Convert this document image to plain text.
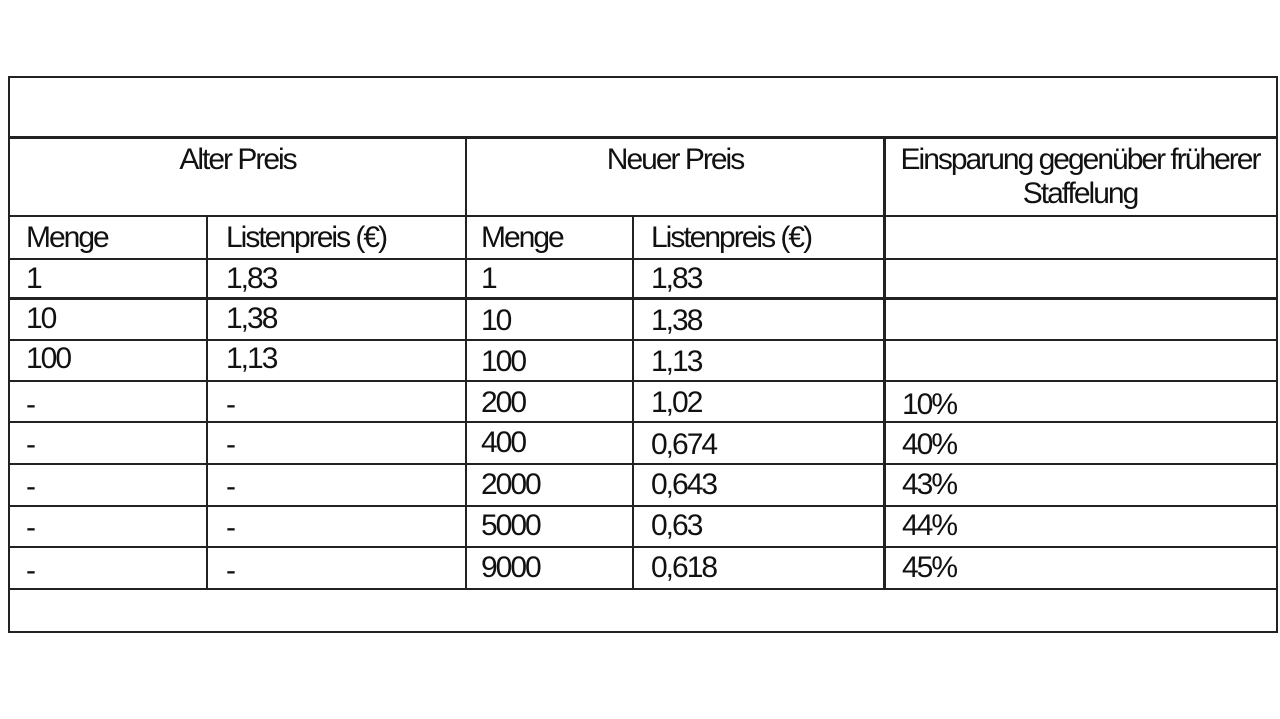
Alter Preis	Neuer Preis	Einsparung gegenüber früherer Staffelung
Menge	Listenpreis (€)	Menge	Listenpreis (€)
1	1,83	1	1,83
10	1,38	10	1,38
100	1,13	100	1,13
-	-	200	1,02	10%
-	-	400	0,674	40%
-	-	2000	0,643	43%
-	-	5000	0,63	44%
-	-	9000	0,618	45%
